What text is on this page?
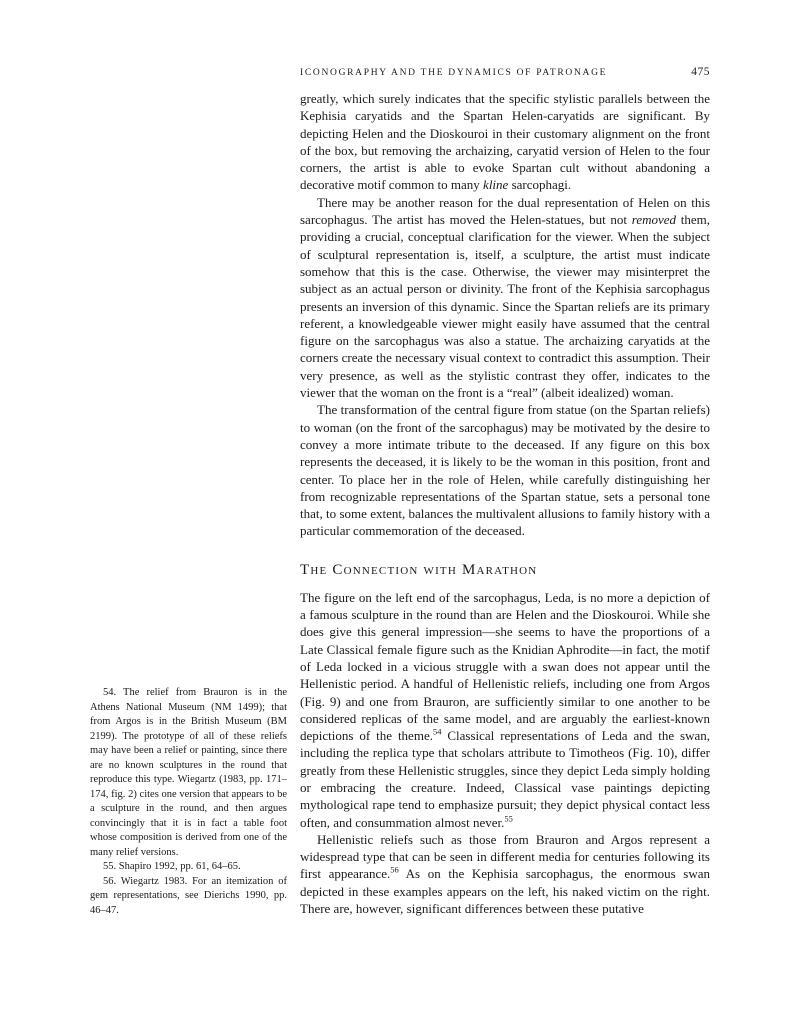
ICONOGRAPHY AND THE DYNAMICS OF PATRONAGE	475

54. The relief from Brauron is in the Athens National Museum (NM 1499); that from Argos is in the British Museum (BM 2199). The prototype of all of these reliefs may have been a relief or painting, since there are no known sculptures in the round that reproduce this type. Wiegartz (1983, pp. 171–174, fig. 2) cites one version that appears to be a sculpture in the round, and then argues convincingly that it is in fact a table foot whose composition is derived from one of the many relief versions.

55. Shapiro 1992, pp. 61, 64–65.

56. Wiegartz 1983. For an itemization of gem representations, see Dierichs 1990, pp. 46–47.

greatly, which surely indicates that the specific stylistic parallels between the Kephisia caryatids and the Spartan Helen-caryatids are significant. By depicting Helen and the Dioskouroi in their customary alignment on the front of the box, but removing the archaizing, caryatid version of Helen to the four corners, the artist is able to evoke Spartan cult without abandoning a decorative motif common to many kline sarcophagi.

There may be another reason for the dual representation of Helen on this sarcophagus. The artist has moved the Helen-statues, but not removed them, providing a crucial, conceptual clarification for the viewer. When the subject of sculptural representation is, itself, a sculpture, the artist must indicate somehow that this is the case. Otherwise, the viewer may misinterpret the subject as an actual person or divinity. The front of the Kephisia sarcophagus presents an inversion of this dynamic. Since the Spartan reliefs are its primary referent, a knowledgeable viewer might easily have assumed that the central figure on the sarcophagus was also a statue. The archaizing caryatids at the corners create the necessary visual context to contradict this assumption. Their very presence, as well as the stylistic contrast they offer, indicates to the viewer that the woman on the front is a “real” (albeit idealized) woman.

The transformation of the central figure from statue (on the Spartan reliefs) to woman (on the front of the sarcophagus) may be motivated by the desire to convey a more intimate tribute to the deceased. If any figure on this box represents the deceased, it is likely to be the woman in this position, front and center. To place her in the role of Helen, while carefully distinguishing her from recognizable representations of the Spartan statue, sets a personal tone that, to some extent, balances the multivalent allusions to family history with a particular commemoration of the deceased.

The Connection with Marathon

The figure on the left end of the sarcophagus, Leda, is no more a depiction of a famous sculpture in the round than are Helen and the Dioskouroi. While she does give this general impression—she seems to have the proportions of a Late Classical female figure such as the Knidian Aphrodite—in fact, the motif of Leda locked in a vicious struggle with a swan does not appear until the Hellenistic period. A handful of Hellenistic reliefs, including one from Argos (Fig. 9) and one from Brauron, are sufficiently similar to one another to be considered replicas of the same model, and are arguably the earliest-known depictions of the theme.$^{54}$ Classical representations of Leda and the swan, including the replica type that scholars attribute to Timotheos (Fig. 10), differ greatly from these Hellenistic struggles, since they depict Leda simply holding or embracing the creature. Indeed, Classical vase paintings depicting mythological rape tend to emphasize pursuit; they depict physical contact less often, and consummation almost never.$^{55}$

Hellenistic reliefs such as those from Brauron and Argos represent a widespread type that can be seen in different media for centuries following its first appearance.$^{56}$ As on the Kephisia sarcophagus, the enormous swan depicted in these examples appears on the left, his naked victim on the right. There are, however, significant differences between these putative
